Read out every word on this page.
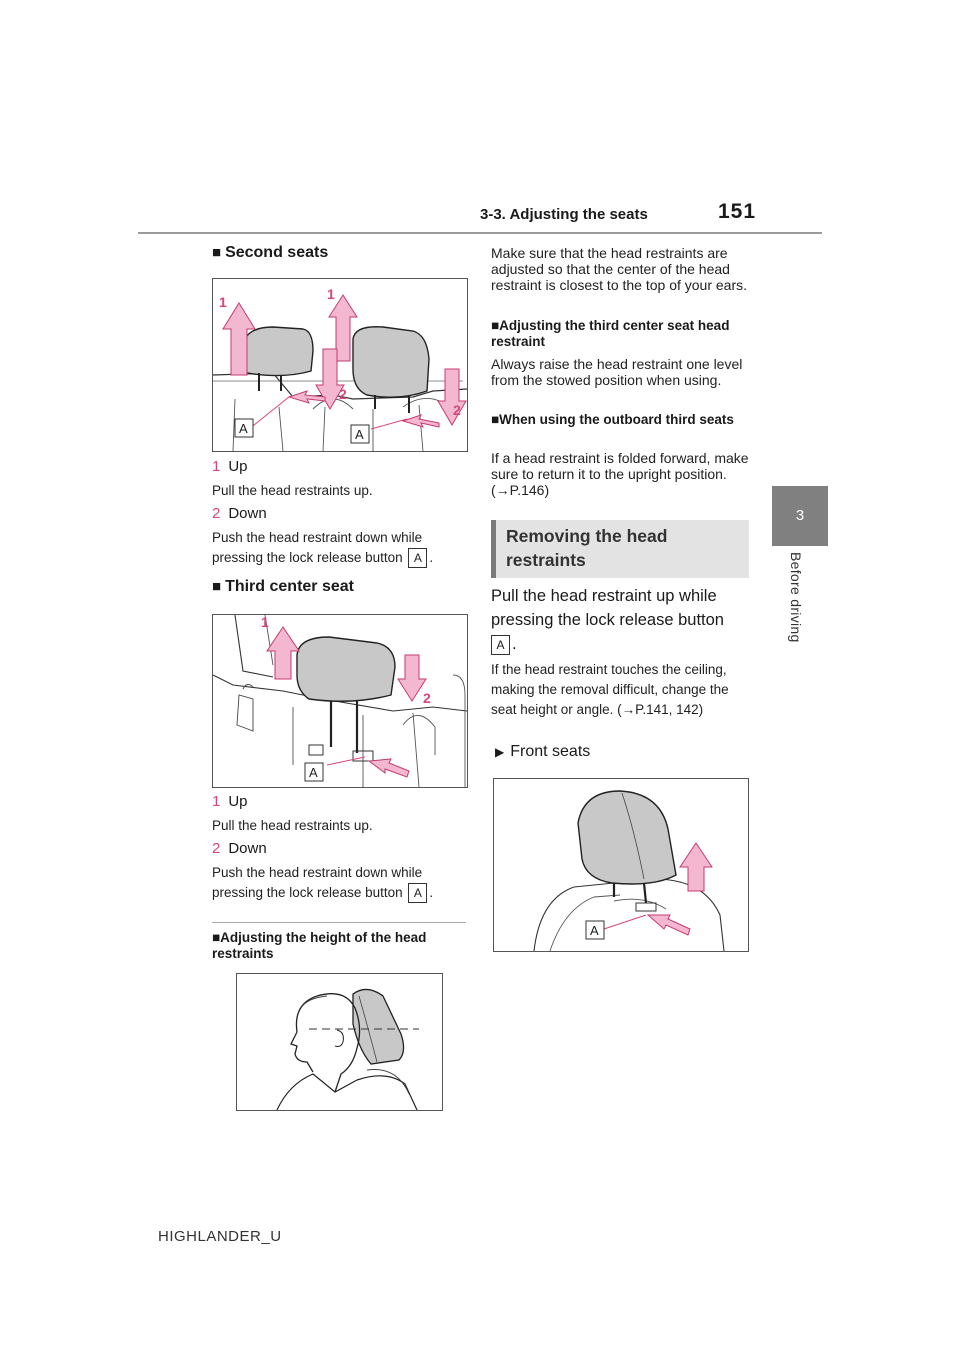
3-3. Adjusting the seats	151
3
Before driving
■ Second seats
1	1
2
2
A	A
1 Up
Pull the head restraints up.
2 Down
Push the head restraint down while pressing the lock release button A .
■ Third center seat
1
2
A
1 Up
Pull the head restraints up.
2 Down
Push the head restraint down while pressing the lock release button A .
■Adjusting the height of the head restraints
Make sure that the head restraints are adjusted so that the center of the head restraint is closest to the top of your ears.
■Adjusting the third center seat head restraint
Always raise the head restraint one level from the stowed position when using.
■When using the outboard third seats
If a head restraint is folded forward, make sure to return it to the upright position. (→P.146)
Removing the head
restraints
Pull the head restraint up while pressing the lock release button
A .
If the head restraint touches the ceiling, making the removal difficult, change the seat height or angle. (→P.141, 142)
▶ Front seats
A
HIGHLANDER_U
